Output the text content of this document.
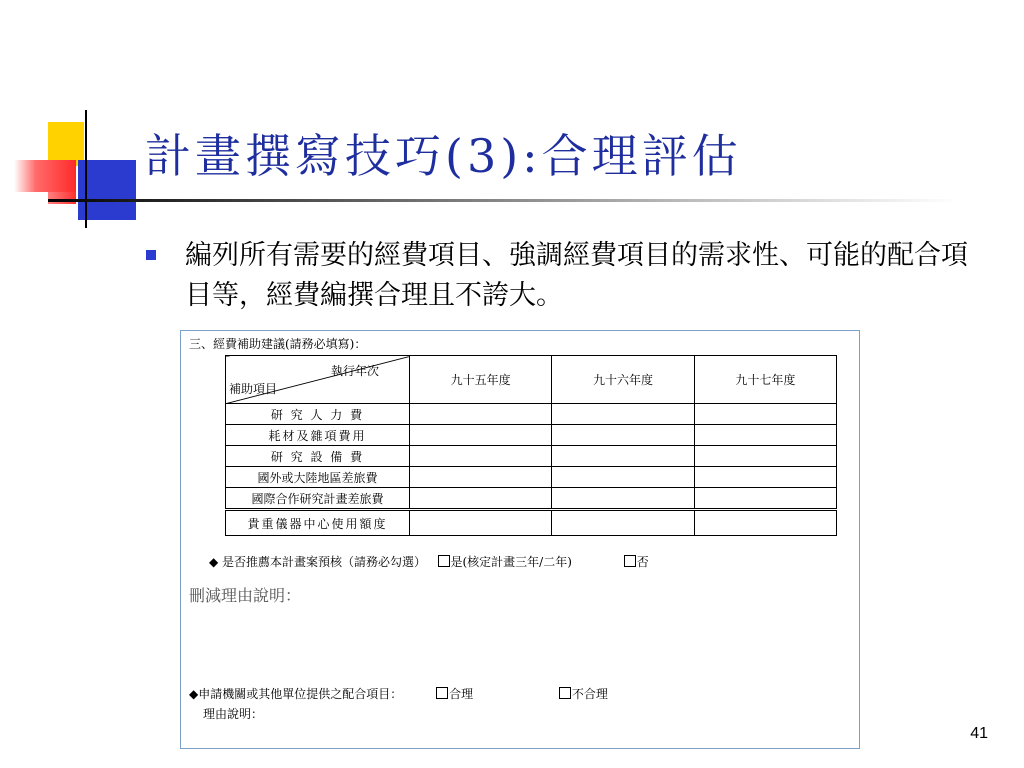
計畫撰寫技巧(3):合理評估
編列所有需要的經費項目、強調經費項目的需求性、可能的配合項目等，經費編撰合理且不誇大。
三、經費補助建議(請務必填寫)：
執行年次
補助項目	九十五年度	九十六年度	九十七年度
研 究 人 力 費			
耗材及雜項費用			
研 究 設 備 費			
國外或大陸地區差旅費			
國際合作研究計畫差旅費			
貴重儀器中心使用額度			
◆ 是否推薦本計畫案預核（請務必勾選） 是(核定計畫三年/二年)	否
刪減理由說明：
◆申請機關或其他單位提供之配合項目：	合理	不合理
理由說明：
41
